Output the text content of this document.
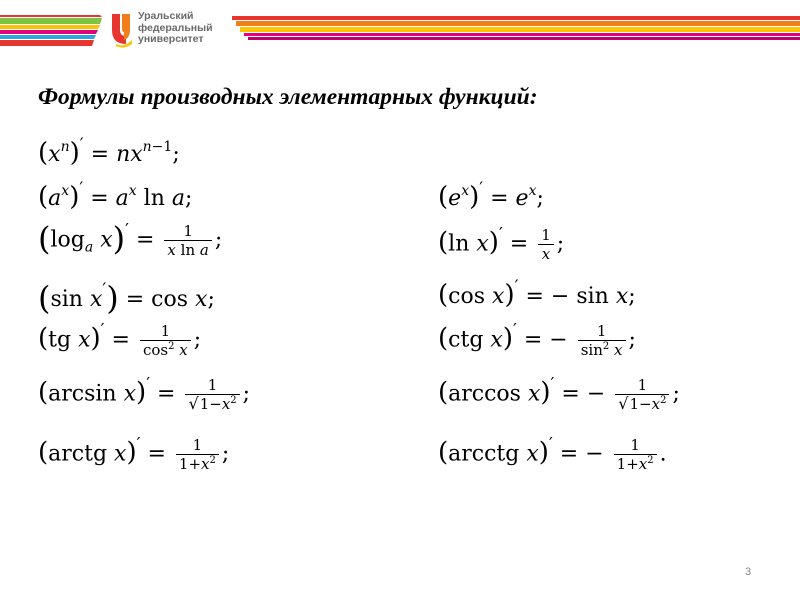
Уральский
федеральный
университет
Формулы производных элементарных функций:
$(x^n)' = nx^{n-1}$;
$(a^x)' = a^x$ ln a;
($\log_a$ $x)' = \frac{1}{\text{x ln a}}$ ;
(sin x′) = cos x;
(tg $x)' = \frac{1}{\cos^2 x}$ ;
(arcsin $x)' = \frac{1}{√1-x^2}$ ;
(arctg $x)' = \frac{1}{1+x^2}$ ;
$(e^x)' = e^x$;
(ln $x)' = \frac{1}{x}$ ;
(cos x)′ = − sin x;
(ctg x)′ = − $\frac{1}{\sin^2 x}$ ;
(arccos x)′ = − $\frac{1}{√1-x^2}$ ;
(arcctg x)′ = − $\frac{1}{1+x^2}$ .
3
